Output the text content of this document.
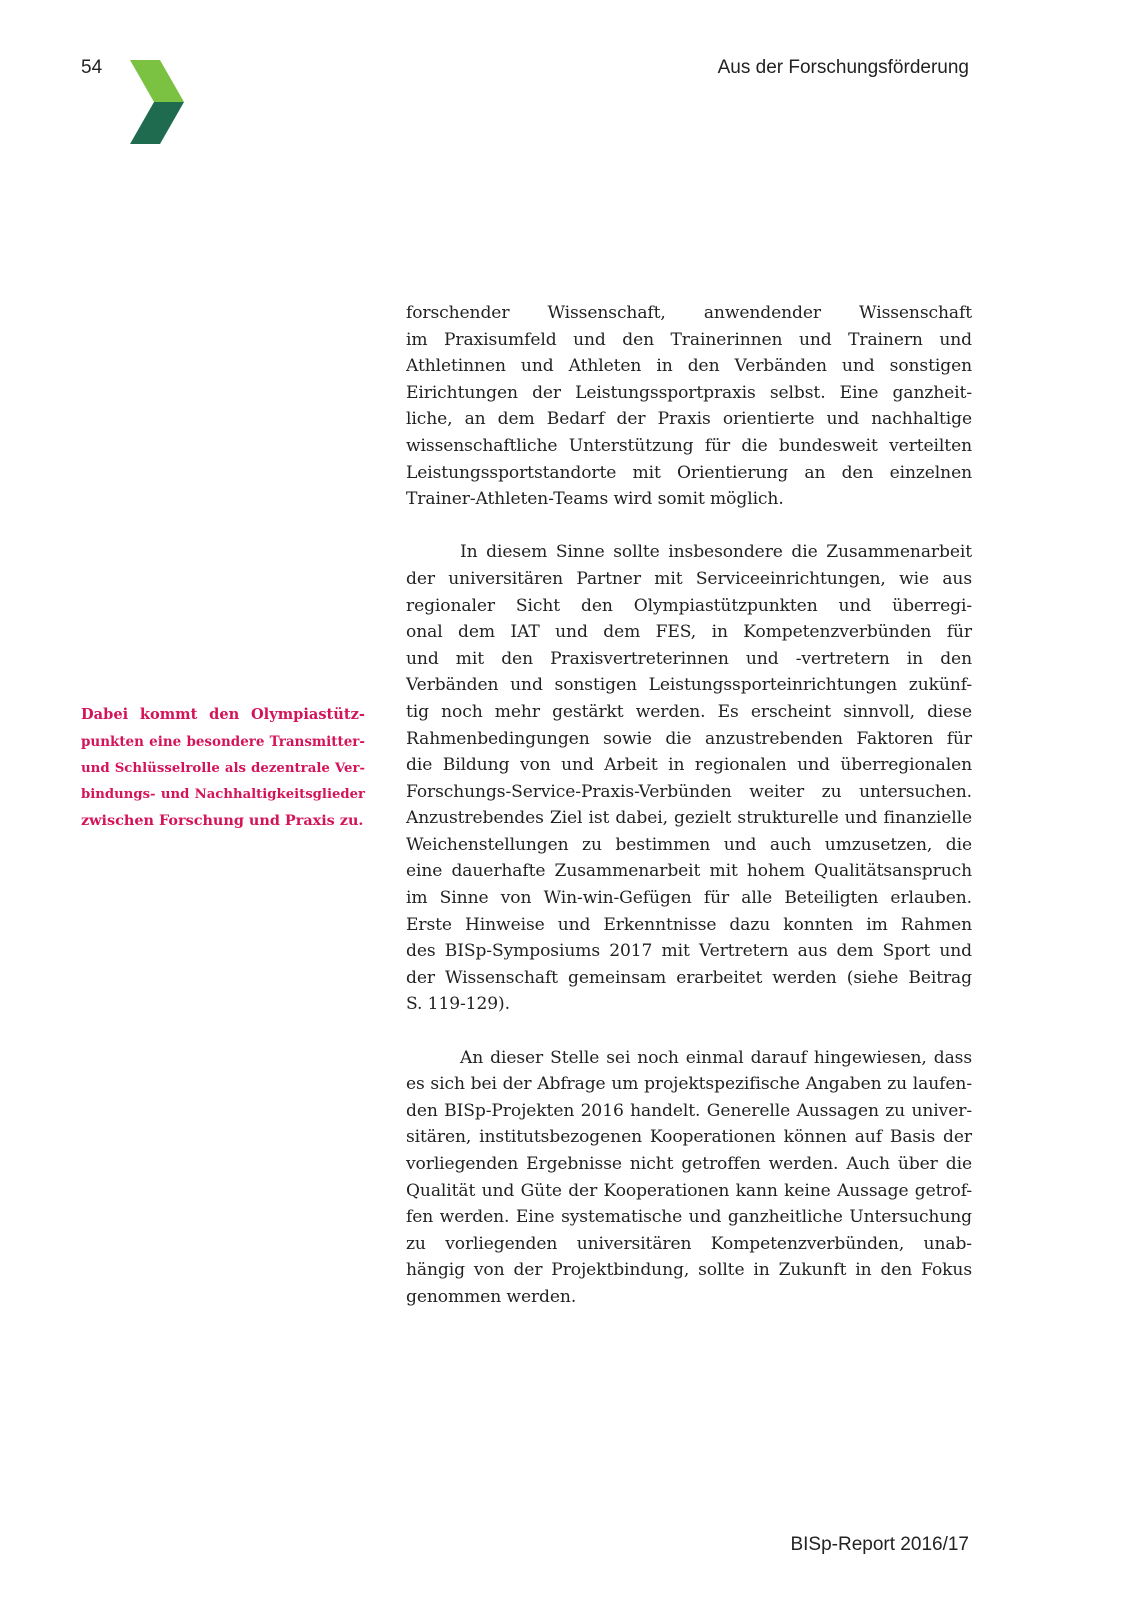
54	Aus der Forschungsförderung
Dabei kommt den Olympiastütz-
punkten eine besondere Transmitter-
und Schlüsselrolle als dezentrale Ver-
bindungs- und Nachhaltigkeitsglieder
zwischen Forschung und Praxis zu.

forschender Wissenschaft, anwendender Wissenschaft
im Praxisumfeld und den Trainerinnen und Trainern und
Athletinnen und Athleten in den Verbänden und sonstigen
Eirichtungen der Leistungssportpraxis selbst. Eine ganzheit-
liche, an dem Bedarf der Praxis orientierte und nachhaltige
wissenschaftliche Unterstützung für die bundesweit verteilten
Leistungssportstandorte mit Orientierung an den einzelnen
Trainer-Athleten-Teams wird somit möglich.

In diesem Sinne sollte insbesondere die Zusammenarbeit
der universitären Partner mit Serviceeinrichtungen, wie aus
regionaler Sicht den Olympiastützpunkten und überregi-
onal dem IAT und dem FES, in Kompetenzverbünden für
und mit den Praxisvertreterinnen und -vertretern in den
Verbänden und sonstigen Leistungssporteinrichtungen zukünf-
tig noch mehr gestärkt werden. Es erscheint sinnvoll, diese
Rahmenbedingungen sowie die anzustrebenden Faktoren für
die Bildung von und Arbeit in regionalen und überregionalen
Forschungs-Service-Praxis-Verbünden weiter zu untersuchen.
Anzustrebendes Ziel ist dabei, gezielt strukturelle und finanzielle
Weichenstellungen zu bestimmen und auch umzusetzen, die
eine dauerhafte Zusammenarbeit mit hohem Qualitätsanspruch
im Sinne von Win-win-Gefügen für alle Beteiligten erlauben.
Erste Hinweise und Erkenntnisse dazu konnten im Rahmen
des BISp-Symposiums 2017 mit Vertretern aus dem Sport und
der Wissenschaft gemeinsam erarbeitet werden (siehe Beitrag
S. 119-129).

An dieser Stelle sei noch einmal darauf hingewiesen, dass
es sich bei der Abfrage um projektspezifische Angaben zu laufen-
den BISp-Projekten 2016 handelt. Generelle Aussagen zu univer-
sitären, institutsbezogenen Kooperationen können auf Basis der
vorliegenden Ergebnisse nicht getroffen werden. Auch über die
Qualität und Güte der Kooperationen kann keine Aussage getrof-
fen werden. Eine systematische und ganzheitliche Untersuchung
zu vorliegenden universitären Kompetenzverbünden, unab-
hängig von der Projektbindung, sollte in Zukunft in den Fokus
genommen werden.

BISp-Report 2016/17
